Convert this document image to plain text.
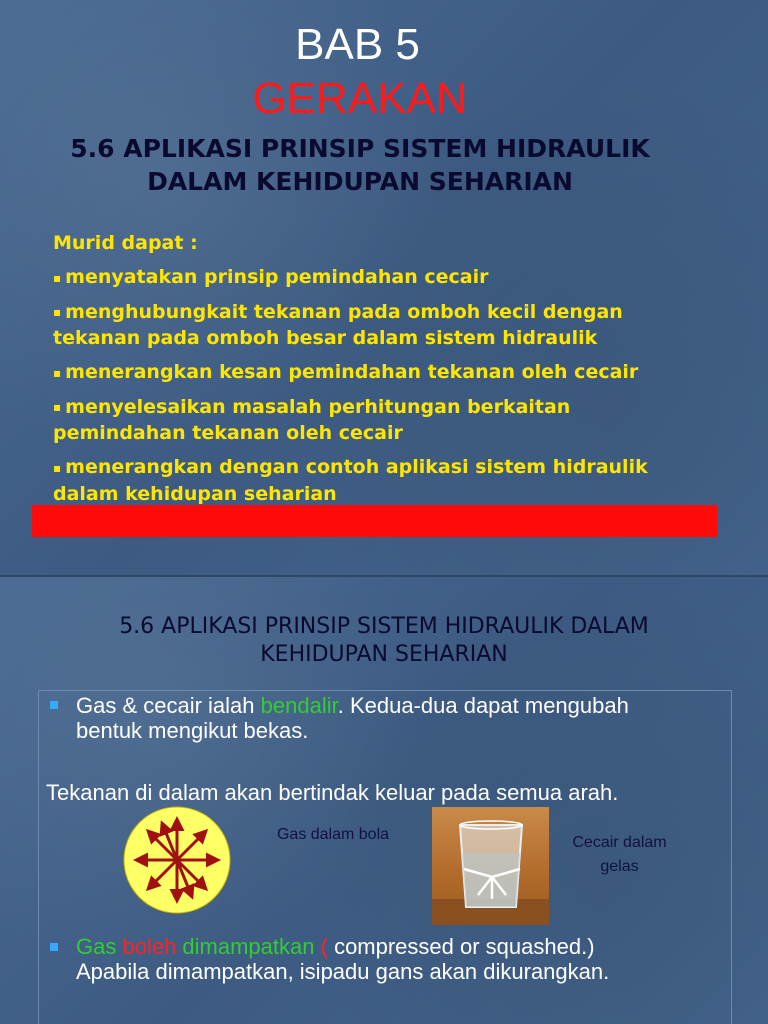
BAB 5
GERAKAN
5.6 APLIKASI PRINSIP SISTEM HIDRAULIK
DALAM KEHIDUPAN SEHARIAN

Murid dapat :

▪ menyatakan prinsip pemindahan cecair

▪ menghubungkait tekanan pada omboh kecil dengan tekanan pada omboh besar dalam sistem hidraulik

▪ menerangkan kesan pemindahan tekanan oleh cecair

▪ menyelesaikan masalah perhitungan berkaitan pemindahan tekanan oleh cecair

▪ menerangkan dengan contoh aplikasi sistem hidraulik dalam kehidupan seharian

5.6 APLIKASI PRINSIP SISTEM HIDRAULIK DALAM
KEHIDUPAN SEHARIAN
Gas & cecair ialah bendalir. Kedua-dua dapat mengubah
bentuk mengikut bekas.
Tekanan di dalam akan bertindak keluar pada semua arah.
Gas dalam bola	Cecair dalam
gelas
Gas boleh dimampatkan ( compressed or squashed.)
Apabila dimampatkan, isipadu gans akan dikurangkan.
